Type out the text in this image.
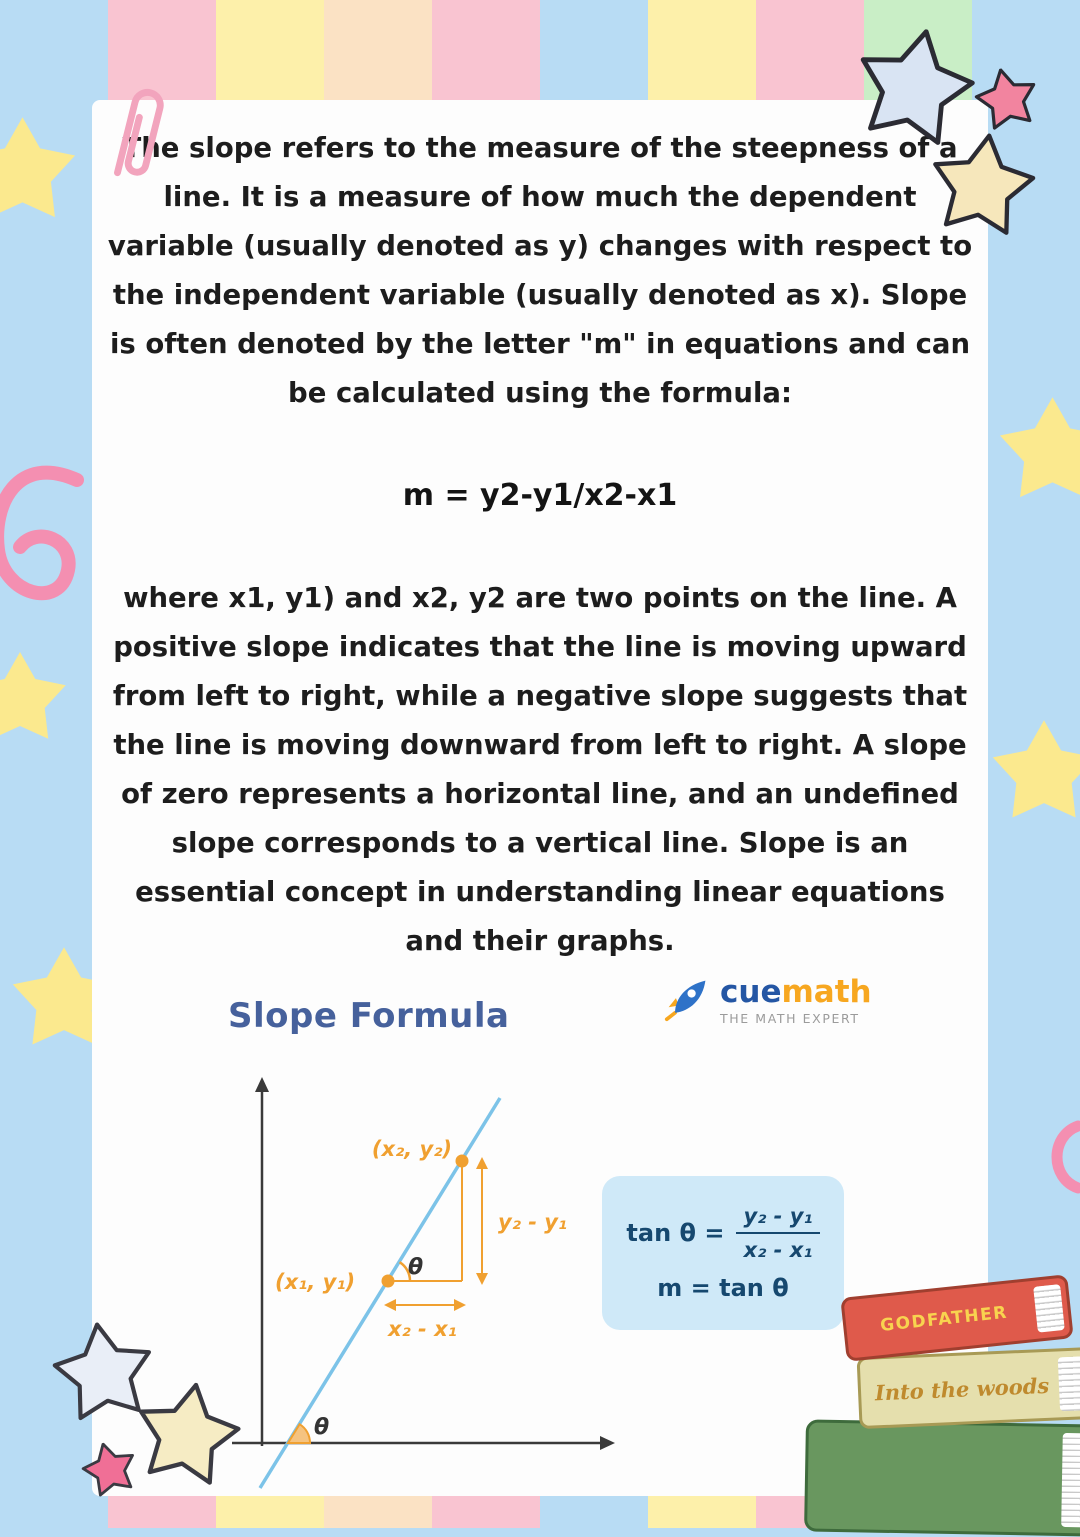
The slope refers to the measure of the steepness of a line. It is a measure of how much the dependent variable (usually denoted as y) changes with respect to the independent variable (usually denoted as x). Slope is often denoted by the letter "m" in equations and can be calculated using the formula:

m = y2-y1/x2-x1

where x1, y1) and x2, y2 are two points on the line. A positive slope indicates that the line is moving upward from left to right, while a negative slope suggests that the line is moving downward from left to right. A slope of zero represents a horizontal line, and an undefined slope corresponds to a vertical line. Slope is an essential concept in understanding linear equations and their graphs.

Slope Formula
cuemath
THE MATH EXPERT
(x₂, y₂)
(x₁, y₁)
y₂ - y₁
x₂ - x₁
θ
θ
$\tan \theta = \frac{\text{y₂ - y₁}}{\text{x₂ - x₁}}$
m = tan θ
Into the woods
GODFATHER
